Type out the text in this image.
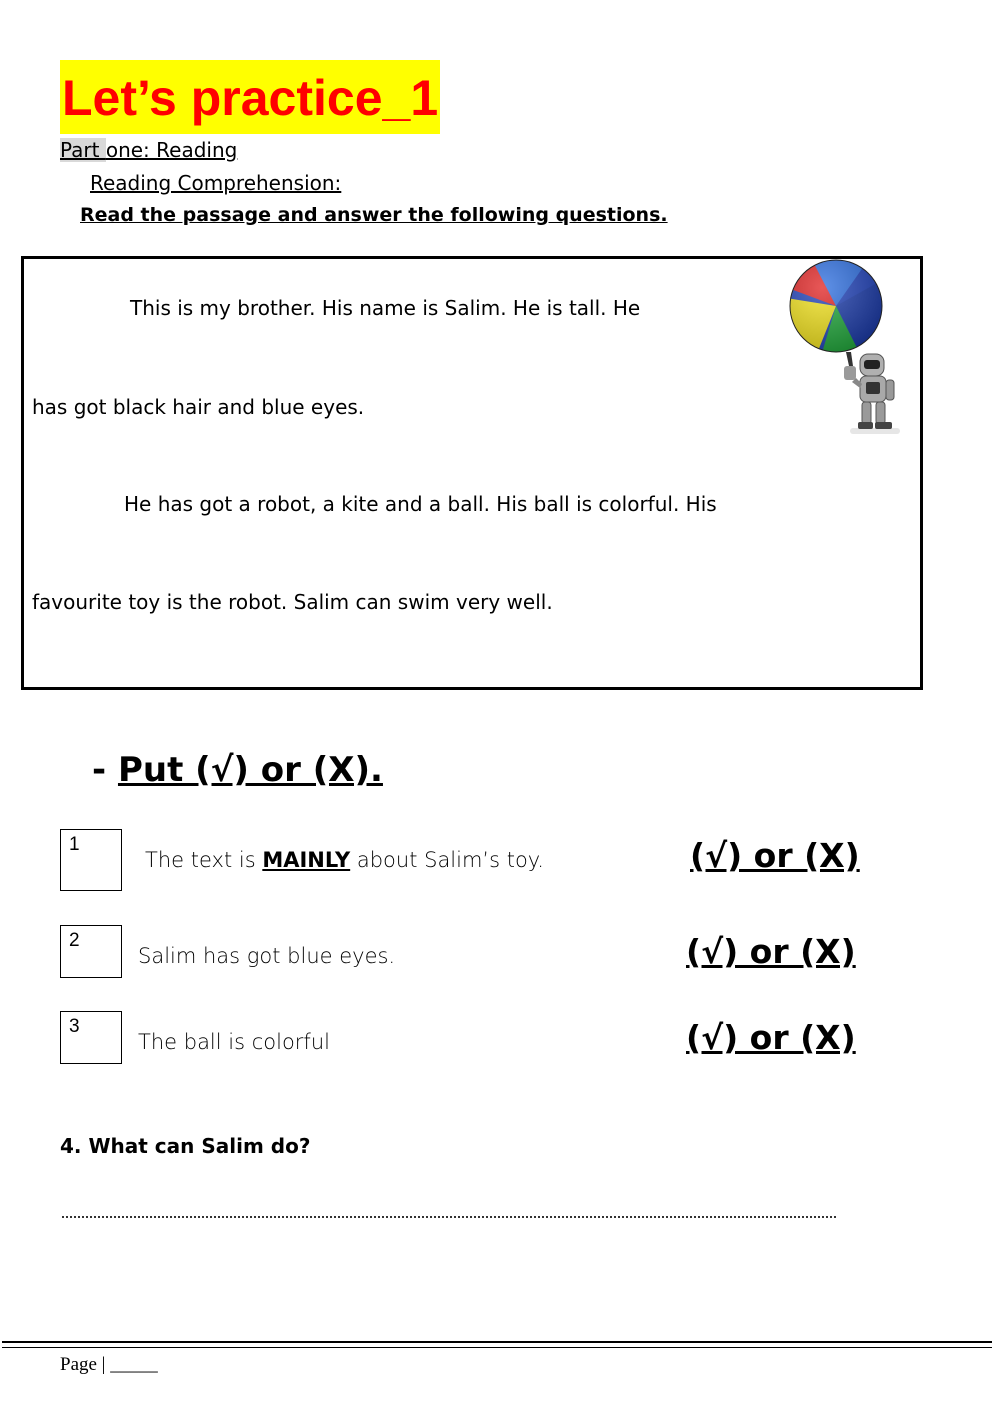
Let’s practice_1
Part one: Reading
Reading Comprehension:
Read the passage and answer the following questions.
This is my brother. His name is Salim. He is tall. He
has got black hair and blue eyes.
He has got a robot, a kite and a ball. His ball is colorful. His
favourite toy is the robot. Salim can swim very well.
- Put (√) or (X).
1
The text is MAINLY about Salim’s toy.	(√) or (X)
2
Salim has got blue eyes.	(√) or (X)
3
The ball is colorful	(√) or (X)
4. What can Salim do?
Page | _____
